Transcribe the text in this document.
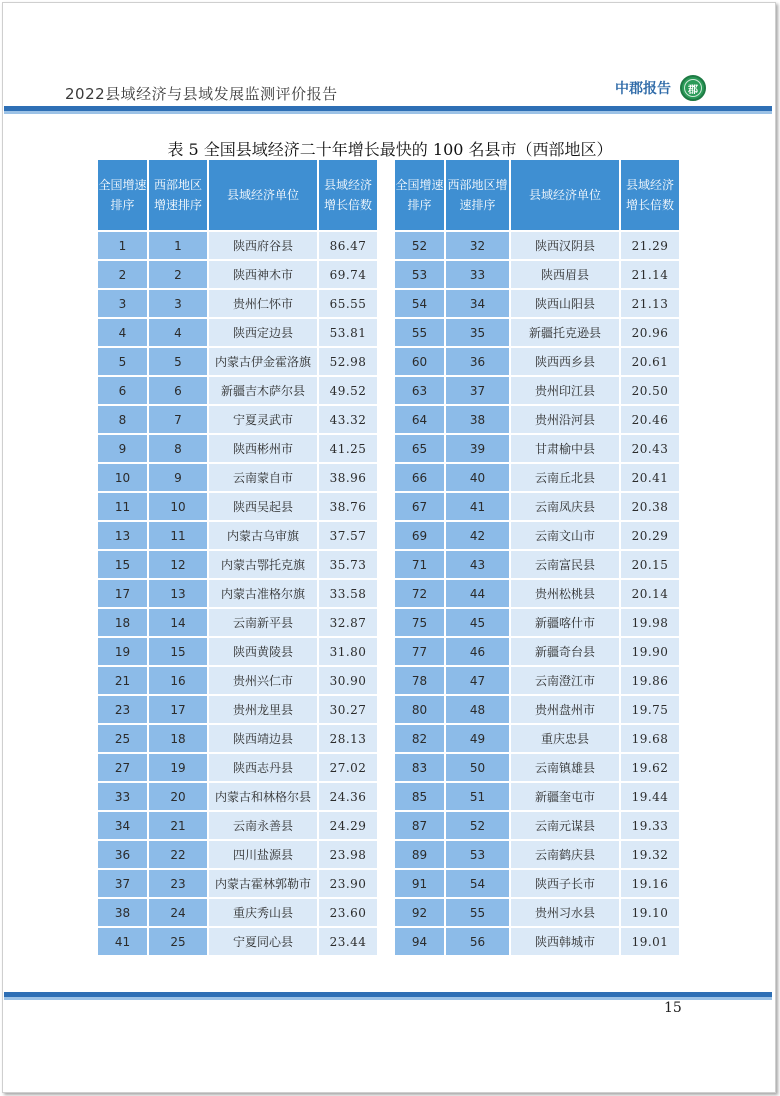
2022县域经济与县域发展监测评价报告	中郡报告 郡
表 5 全国县域经济二十年增长最快的 100 名县市（西部地区）
全国增速排序	西部地区增速排序	县域经济单位	县域经济增长倍数
1	1	陕西府谷县	86.47
2	2	陕西神木市	69.74
3	3	贵州仁怀市	65.55
4	4	陕西定边县	53.81
5	5	内蒙古伊金霍洛旗	52.98
6	6	新疆吉木萨尔县	49.52
8	7	宁夏灵武市	43.32
9	8	陕西彬州市	41.25
10	9	云南蒙自市	38.96
11	10	陕西吴起县	38.76
13	11	内蒙古乌审旗	37.57
15	12	内蒙古鄂托克旗	35.73
17	13	内蒙古准格尔旗	33.58
18	14	云南新平县	32.87
19	15	陕西黄陵县	31.80
21	16	贵州兴仁市	30.90
23	17	贵州龙里县	30.27
25	18	陕西靖边县	28.13
27	19	陕西志丹县	27.02
33	20	内蒙古和林格尔县	24.36
34	21	云南永善县	24.29
36	22	四川盐源县	23.98
37	23	内蒙古霍林郭勒市	23.90
38	24	重庆秀山县	23.60
41	25	宁夏同心县	23.44
全国增速排序	西部地区增速排序	县域经济单位	县域经济增长倍数
52	32	陕西汉阴县	21.29
53	33	陕西眉县	21.14
54	34	陕西山阳县	21.13
55	35	新疆托克逊县	20.96
60	36	陕西西乡县	20.61
63	37	贵州印江县	20.50
64	38	贵州沿河县	20.46
65	39	甘肃榆中县	20.43
66	40	云南丘北县	20.41
67	41	云南凤庆县	20.38
69	42	云南文山市	20.29
71	43	云南富民县	20.15
72	44	贵州松桃县	20.14
75	45	新疆喀什市	19.98
77	46	新疆奇台县	19.90
78	47	云南澄江市	19.86
80	48	贵州盘州市	19.75
82	49	重庆忠县	19.68
83	50	云南镇雄县	19.62
85	51	新疆奎屯市	19.44
87	52	云南元谋县	19.33
89	53	云南鹤庆县	19.32
91	54	陕西子长市	19.16
92	55	贵州习水县	19.10
94	56	陕西韩城市	19.01
15
